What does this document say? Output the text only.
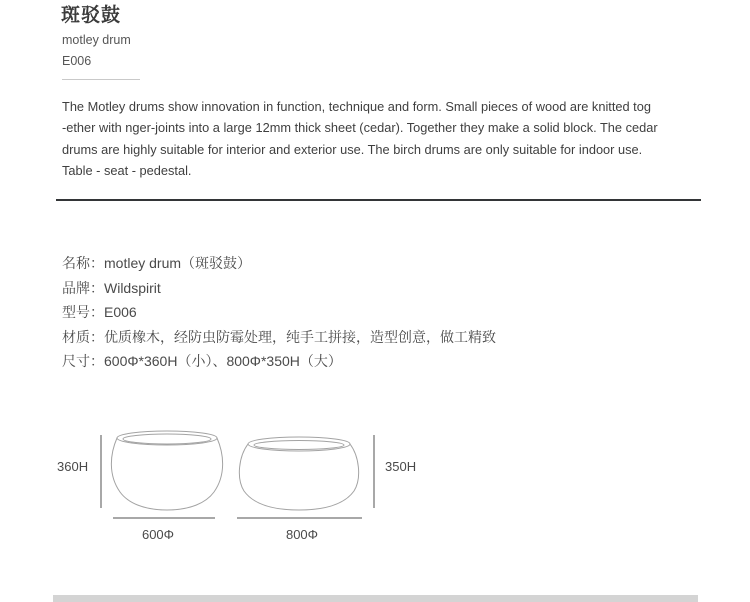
斑驳鼓
motley drum
E006
The Motley drums show innovation in function, technique and form. Small pieces of wood are knitted tog
-ether with nger-joints into a large 12mm thick sheet (cedar). Together they make a solid block. The cedar
drums are highly suitable for interior and exterior use. The birch drums are only suitable for indoor use.
Table - seat - pedestal.
名称：motley drum（斑驳鼓）
品牌：Wildspirit
型号：E006
材质：优质橡木，经防虫防霉处理，纯手工拼接，造型创意，做工精致
尺寸：600Φ*360H（小）、800Φ*350H（大）
360H
600Φ
350H
800Φ
